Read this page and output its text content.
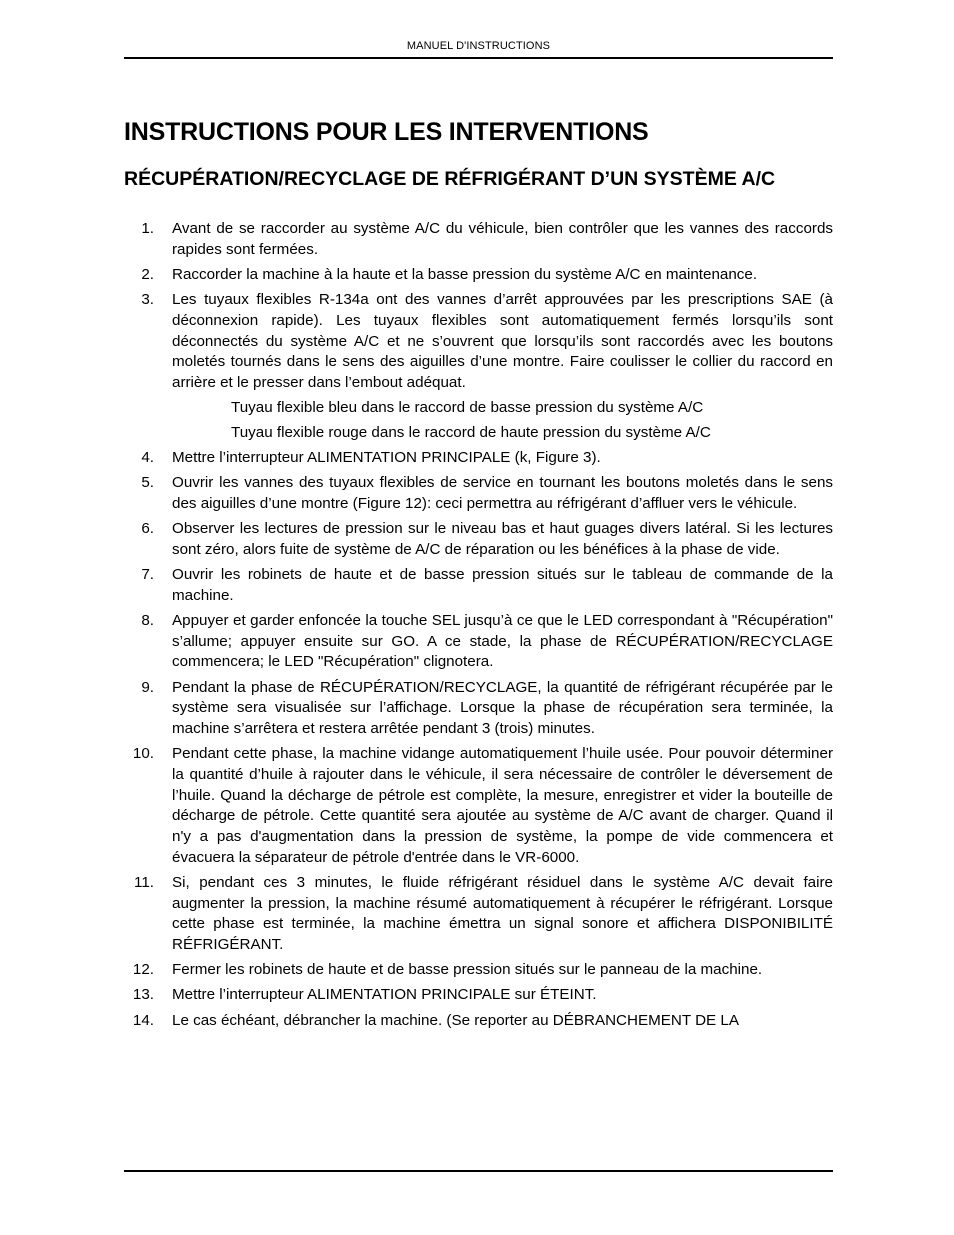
MANUEL D'INSTRUCTIONS
INSTRUCTIONS POUR LES INTERVENTIONS
RÉCUPÉRATION/RECYCLAGE DE RÉFRIGÉRANT D’UN SYSTÈME A/C
1. Avant de se raccorder au système A/C du véhicule, bien contrôler que les vannes des raccords rapides sont fermées.
2. Raccorder la machine à la haute et la basse pression du système A/C en maintenance.
3. Les tuyaux flexibles R-134a ont des vannes d’arrêt approuvées par les prescriptions SAE (à déconnexion rapide). Les tuyaux flexibles sont automatiquement fermés lorsqu’ils sont déconnectés du système A/C et ne s’ouvrent que lorsqu’ils sont raccordés avec les boutons moletés tournés dans le sens des aiguilles d’une montre. Faire coulisser le collier du raccord en arrière et le presser dans l’embout adéquat.
Tuyau flexible bleu dans le raccord de basse pression du système A/C
Tuyau flexible rouge dans le raccord de haute pression du système A/C
4. Mettre l’interrupteur ALIMENTATION PRINCIPALE (k, Figure 3).
5. Ouvrir les vannes des tuyaux flexibles de service en tournant les boutons moletés dans le sens des aiguilles d’une montre (Figure 12): ceci permettra au réfrigérant d’affluer vers le véhicule.
6. Observer les lectures de pression sur le niveau bas et haut guages divers latéral. Si les lectures sont zéro, alors fuite de système de A/C de réparation ou les bénéfices à la phase de vide.
7. Ouvrir les robinets de haute et de basse pression situés sur le tableau de commande de la machine.
8. Appuyer et garder enfoncée la touche SEL jusqu’à ce que le LED correspondant à "Récupération" s’allume; appuyer ensuite sur GO. A ce stade, la phase de RÉCUPÉRATION/RECYCLAGE commencera; le LED "Récupération" clignotera.
9. Pendant la phase de RÉCUPÉRATION/RECYCLAGE, la quantité de réfrigérant récupérée par le système sera visualisée sur l’affichage. Lorsque la phase de récupération sera terminée, la machine s’arrêtera et restera arrêtée pendant 3 (trois) minutes.
10. Pendant cette phase, la machine vidange automatiquement l’huile usée. Pour pouvoir déterminer la quantité d’huile à rajouter dans le véhicule, il sera nécessaire de contrôler le déversement de l’huile. Quand la décharge de pétrole est complète, la mesure, enregistrer et vider la bouteille de décharge de pétrole. Cette quantité sera ajoutée au système de A/C avant de charger. Quand il n'y a pas d'augmentation dans la pression de système, la pompe de vide commencera et évacuera la séparateur de pétrole d'entrée dans le VR-6000.
11. Si, pendant ces 3 minutes, le fluide réfrigérant résiduel dans le système A/C devait faire augmenter la pression, la machine résumé automatiquement à récupérer le réfrigérant. Lorsque cette phase est terminée, la machine émettra un signal sonore et affichera DISPONIBILITÉ RÉFRIGÉRANT.
12. Fermer les robinets de haute et de basse pression situés sur le panneau de la machine.
13. Mettre l’interrupteur ALIMENTATION PRINCIPALE sur ÉTEINT.
14. Le cas échéant, débrancher la machine. (Se reporter au DÉBRANCHEMENT DE LA
